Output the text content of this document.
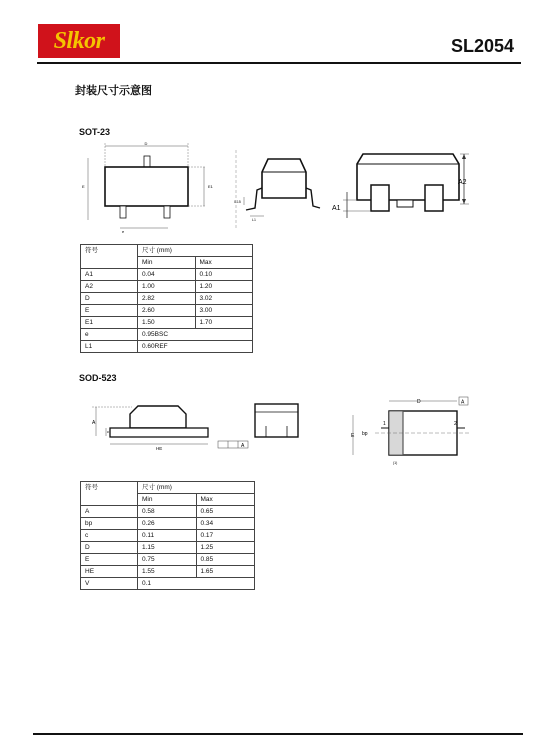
Slkor	SL2054
封装尺寸示意图
SOT-23
D
E	E1
e
0.15
L1
A2
A1
符号	尺寸 (mm)	
	Min	Max
A1	0.04	0.10
A2	1.00	1.20
D	2.82	3.02
E	2.60	3.00
E1	1.50	1.70
e	0.95BSC	
L1	0.60REF	
SOD-523
A
c
HE	A
D	A
E
1	2
bp
(1)
符号	尺寸 (mm)	
	Min	Max
A	0.58	0.65
bp	0.26	0.34
c	0.11	0.17
D	1.15	1.25
E	0.75	0.85
HE	1.55	1.65
V	0.1	
